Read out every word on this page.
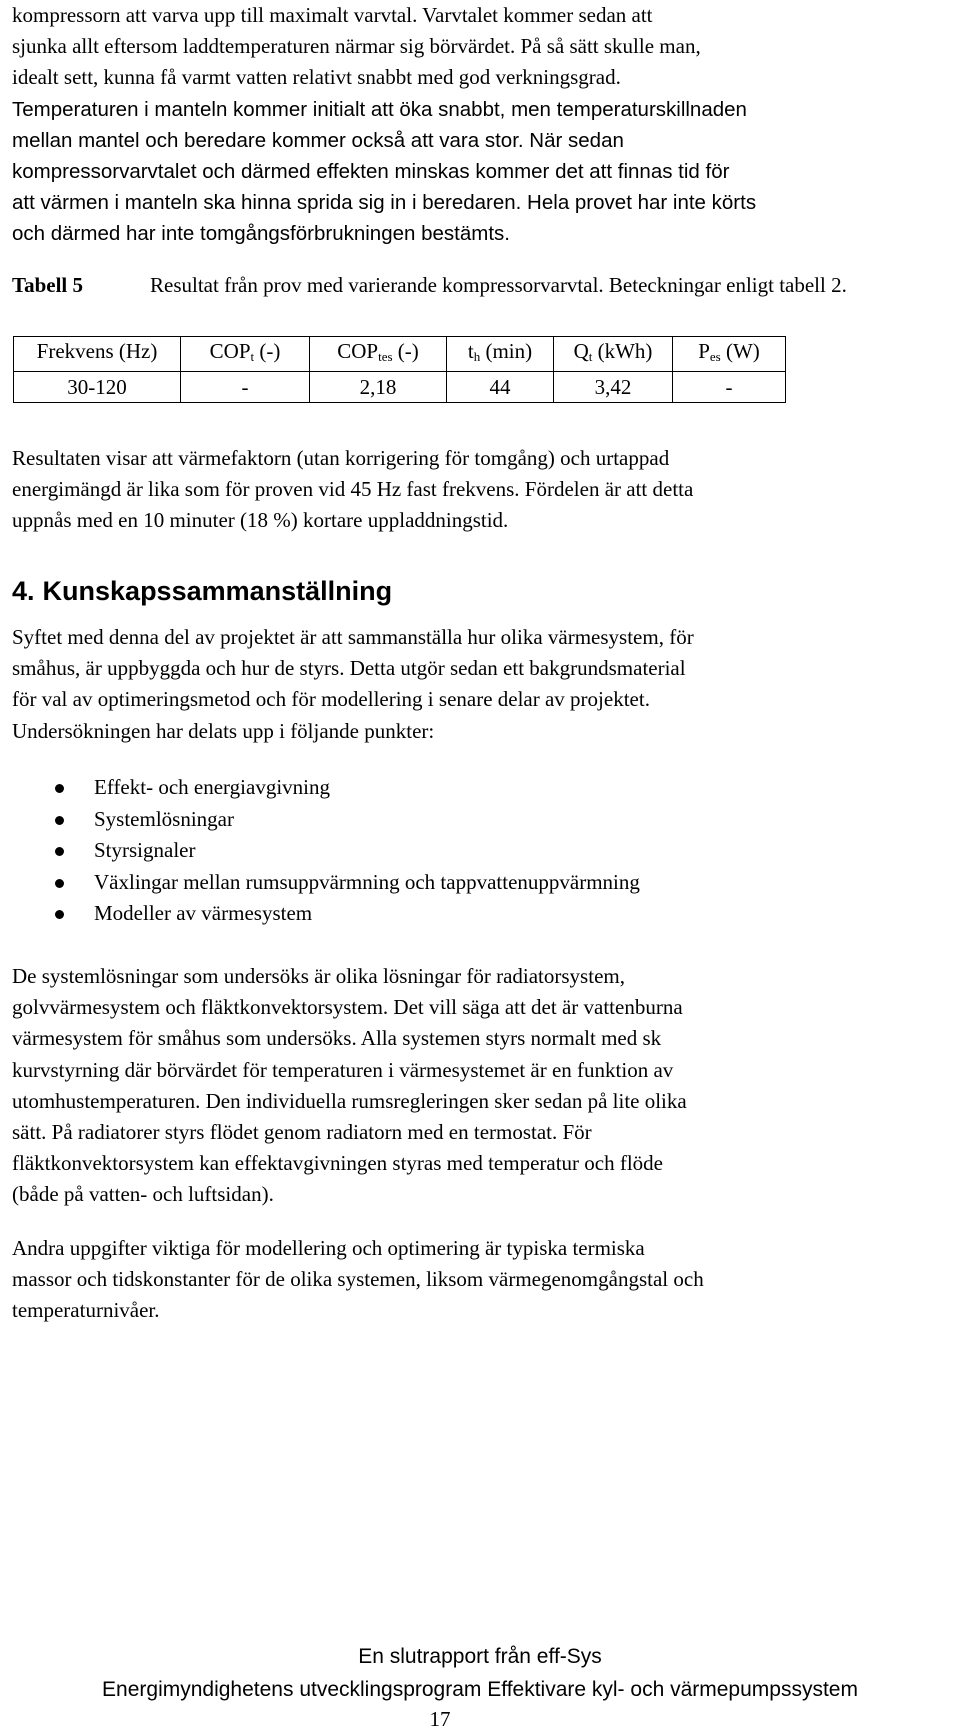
kompressorn att varva upp till maximalt varvtal. Varvtalet kommer sedan att
sjunka allt eftersom laddtemperaturen närmar sig börvärdet. På så sätt skulle man,
idealt sett, kunna få varmt vatten relativt snabbt med god verkningsgrad.
Temperaturen i manteln kommer initialt att öka snabbt, men temperaturskillnaden
mellan mantel och beredare kommer också att vara stor. När sedan
kompressorvarvtalet och därmed effekten minskas kommer det att finnas tid för
att värmen i manteln ska hinna sprida sig in i beredaren. Hela provet har inte körts
och därmed har inte tomgångsförbrukningen bestämts.
Tabell 5	Resultat från prov med varierande kompressorvarvtal. Beteckningar enligt tabell 2.
Frekvens (Hz)	$COP_t$ (-)	$COP_{tes}$ (-)	$t_h$ (min)	$Q_t$ (kWh)	$P_{es}$ (W)
30-120	-	2,18	44	3,42	-
Resultaten visar att värmefaktorn (utan korrigering för tomgång) och urtappad
energimängd är lika som för proven vid 45 Hz fast frekvens. Fördelen är att detta
uppnås med en 10 minuter (18 %) kortare uppladdningstid.
4. Kunskapssammanställning
Syftet med denna del av projektet är att sammanställa hur olika värmesystem, för
småhus, är uppbyggda och hur de styrs. Detta utgör sedan ett bakgrundsmaterial
för val av optimeringsmetod och för modellering i senare delar av projektet.
Undersökningen har delats upp i följande punkter:
Effekt- och energiavgivning
Systemlösningar
Styrsignaler
Växlingar mellan rumsuppvärmning och tappvattenuppvärmning
Modeller av värmesystem
De systemlösningar som undersöks är olika lösningar för radiatorsystem,
golvvärmesystem och fläktkonvektorsystem. Det vill säga att det är vattenburna
värmesystem för småhus som undersöks. Alla systemen styrs normalt med sk
kurvstyrning där börvärdet för temperaturen i värmesystemet är en funktion av
utomhustemperaturen. Den individuella rumsregleringen sker sedan på lite olika
sätt. På radiatorer styrs flödet genom radiatorn med en termostat. För
fläktkonvektorsystem kan effektavgivningen styras med temperatur och flöde
(både på vatten- och luftsidan).
Andra uppgifter viktiga för modellering och optimering är typiska termiska
massor och tidskonstanter för de olika systemen, liksom värmegenomgångstal och
temperaturnivåer.
En slutrapport från eff-Sys
Energimyndighetens utvecklingsprogram Effektivare kyl- och värmepumpssystem
17
